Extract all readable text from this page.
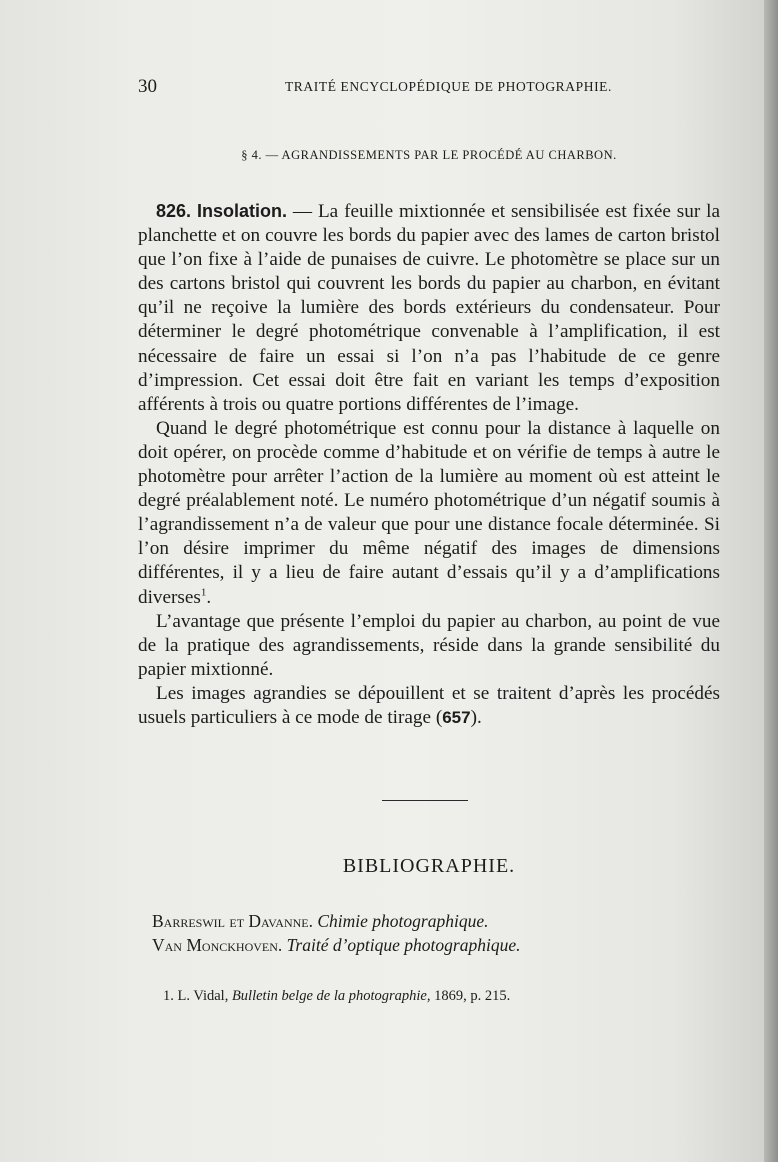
30	TRAITÉ ENCYCLOPÉDIQUE DE PHOTOGRAPHIE.
§ 4. — AGRANDISSEMENTS PAR LE PROCÉDÉ AU CHARBON.

826. Insolation. — La feuille mixtionnée et sensibilisée est fixée sur la planchette et on couvre les bords du papier avec des lames de carton bristol que l’on fixe à l’aide de punaises de cuivre. Le photomètre se place sur un des cartons bristol qui couvrent les bords du papier au charbon, en évitant qu’il ne reçoive la lumière des bords extérieurs du condensateur. Pour déterminer le degré photométrique convenable à l’amplification, il est nécessaire de faire un essai si l’on n’a pas l’habitude de ce genre d’impression. Cet essai doit être fait en variant les temps d’exposition afférents à trois ou quatre portions différentes de l’image.

Quand le degré photométrique est connu pour la distance à laquelle on doit opérer, on procède comme d’habitude et on vérifie de temps à autre le photomètre pour arrêter l’action de la lumière au moment où est atteint le degré préalablement noté. Le numéro photométrique d’un négatif soumis à l’agrandissement n’a de valeur que pour une distance focale déterminée. Si l’on désire imprimer du même négatif des images de dimensions différentes, il y a lieu de faire autant d’essais qu’il y a d’amplifications diverses$^1$.

L’avantage que présente l’emploi du papier au charbon, au point de vue de la pratique des agrandissements, réside dans la grande sensibilité du papier mixtionné.

Les images agrandies se dépouillent et se traitent d’après les procédés usuels particuliers à ce mode de tirage (657).

BIBLIOGRAPHIE.
Barreswil et Davanne. Chimie photographique.
Van Monckhoven. Traité d’optique photographique.
1. L. Vidal, Bulletin belge de la photographie, 1869, p. 215.
